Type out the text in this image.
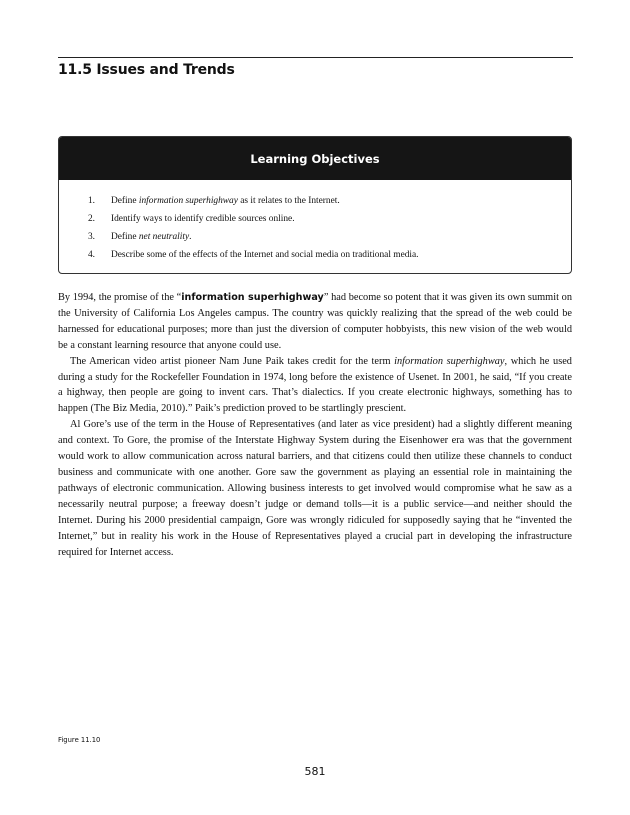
11.5 Issues and Trends
Learning Objectives
1.	Define information superhighway as it relates to the Internet.
2.	Identify ways to identify credible sources online.
3.	Define net neutrality.
4.	Describe some of the effects of the Internet and social media on traditional media.

By 1994, the promise of the “information superhighway” had become so potent that it was given its own summit on the University of California Los Angeles campus. The country was quickly realizing that the spread of the web could be harnessed for educational purposes; more than just the diversion of computer hobbyists, this new vision of the web would be a constant learning resource that anyone could use.

The American video artist pioneer Nam June Paik takes credit for the term information superhighway, which he used during a study for the Rockefeller Foundation in 1974, long before the existence of Usenet. In 2001, he said, “If you create a highway, then people are going to invent cars. That’s dialectics. If you create electronic highways, something has to happen (The Biz Media, 2010).” Paik’s prediction proved to be startlingly prescient.

Al Gore’s use of the term in the House of Representatives (and later as vice president) had a slightly different meaning and context. To Gore, the promise of the Interstate Highway System during the Eisenhower era was that the government would work to allow communication across natural barriers, and that citizens could then utilize these channels to conduct business and communicate with one another. Gore saw the government as playing an essential role in maintaining the pathways of electronic communication. Allowing business interests to get involved would compromise what he saw as a necessarily neutral purpose; a freeway doesn’t judge or demand tolls—it is a public service—and neither should the Internet. During his 2000 presidential campaign, Gore was wrongly ridiculed for supposedly saying that he “invented the Internet,” but in reality his work in the House of Representatives played a crucial part in developing the infrastructure required for Internet access.

Figure 11.10
581
